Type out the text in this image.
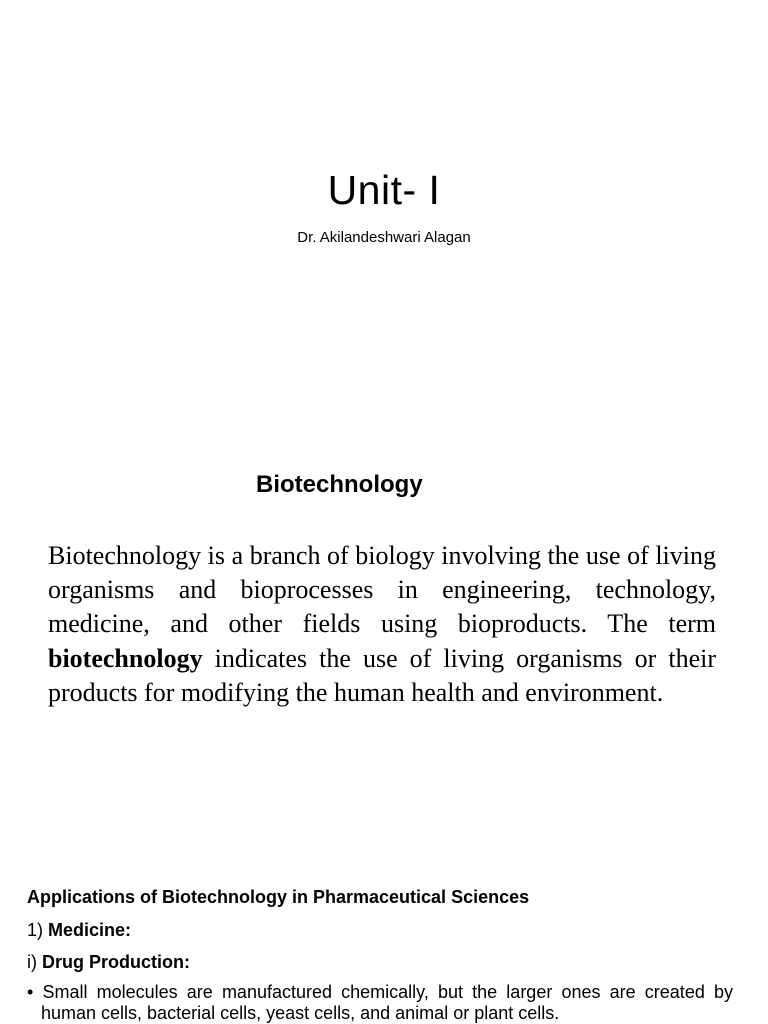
Unit- I
Dr. Akilandeshwari Alagan
Biotechnology

Biotechnology is a branch of biology involving the use of living organisms and bioprocesses in engineering, technology, medicine, and other fields using bioproducts. The term biotechnology indicates the use of living organisms or their products for modifying the human health and environment.

Applications of Biotechnology in Pharmaceutical Sciences
1) Medicine:
i) Drug Production:

• Small molecules are manufactured chemically, but the larger ones are created by human cells, bacterial cells, yeast cells, and animal or plant cells.
